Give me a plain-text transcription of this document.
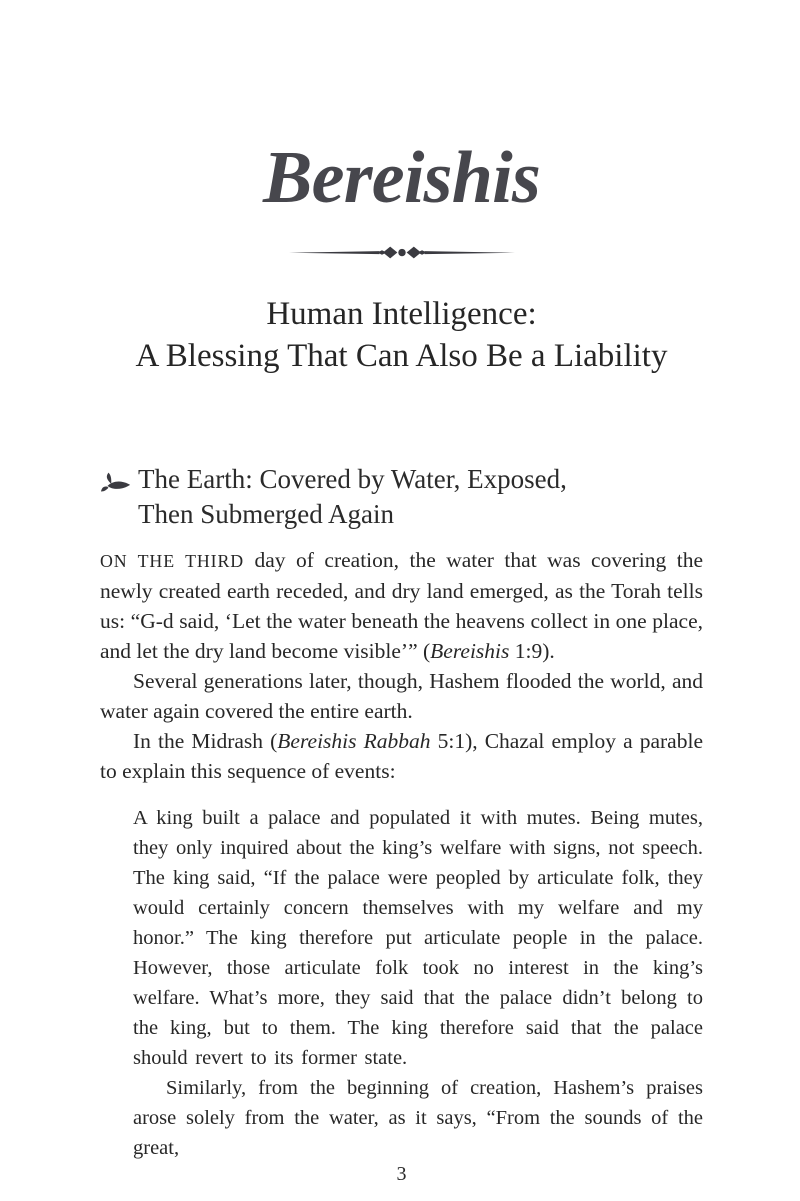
Bereishis
Human Intelligence:
A Blessing That Can Also Be a Liability
The Earth: Covered by Water, Exposed,
Then Submerged Again

ON THE THIRD day of creation, the water that was covering the newly created earth receded, and dry land emerged, as the Torah tells us: “G-d said, ‘Let the water beneath the heavens collect in one place, and let the dry land become visible’” (Bereishis 1:9).

Several generations later, though, Hashem flooded the world, and water again covered the entire earth.

In the Midrash (Bereishis Rabbah 5:1), Chazal employ a parable to explain this sequence of events:

A king built a palace and populated it with mutes. Being mutes, they only inquired about the king’s welfare with signs, not speech. The king said, “If the palace were peopled by articulate folk, they would certainly concern themselves with my welfare and my honor.” The king therefore put articulate people in the palace. However, those articulate folk took no interest in the king’s welfare. What’s more, they said that the palace didn’t belong to the king, but to them. The king therefore said that the palace should revert to its former state.

Similarly, from the beginning of creation, Hashem’s praises arose solely from the water, as it says, “From the sounds of the great,

3
